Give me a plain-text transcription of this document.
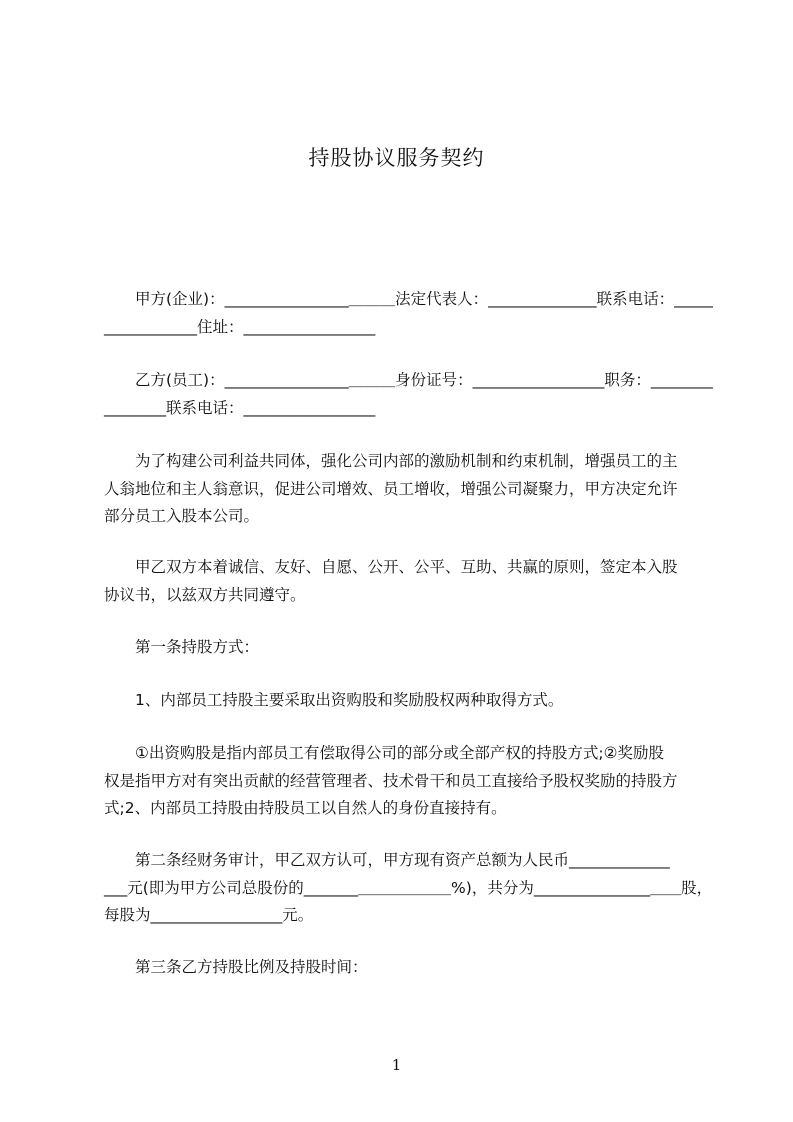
持股协议服务契约
　　甲方(企业)：________________＿＿＿法定代表人：______________联系电话：_____
____________住址：_________________
　　乙方(员工)：________________＿＿＿身份证号：_________________职务：________
________联系电话：_________________
　　为了构建公司利益共同体，强化公司内部的激励机制和约束机制，增强员工的主
人翁地位和主人翁意识，促进公司增效、员工增收，增强公司凝聚力，甲方决定允许
部分员工入股本公司。
　　甲乙双方本着诚信、友好、自愿、公开、公平、互助、共赢的原则，签定本入股
协议书，以兹双方共同遵守。
　　第一条持股方式：
　　1、内部员工持股主要采取出资购股和奖励股权两种取得方式。
　　①出资购股是指内部员工有偿取得公司的部分或全部产权的持股方式;②奖励股
权是指甲方对有突出贡献的经营管理者、技术骨干和员工直接给予股权奖励的持股方
式;2、内部员工持股由持股员工以自然人的身份直接持有。
　　第二条经财务审计，甲乙双方认可，甲方现有资产总额为人民币_____________
___元(即为甲方公司总股份的_______＿＿＿＿＿＿%)，共分为_______________＿＿股，
每股为_________________元。
　　第三条乙方持股比例及持股时间：
1
